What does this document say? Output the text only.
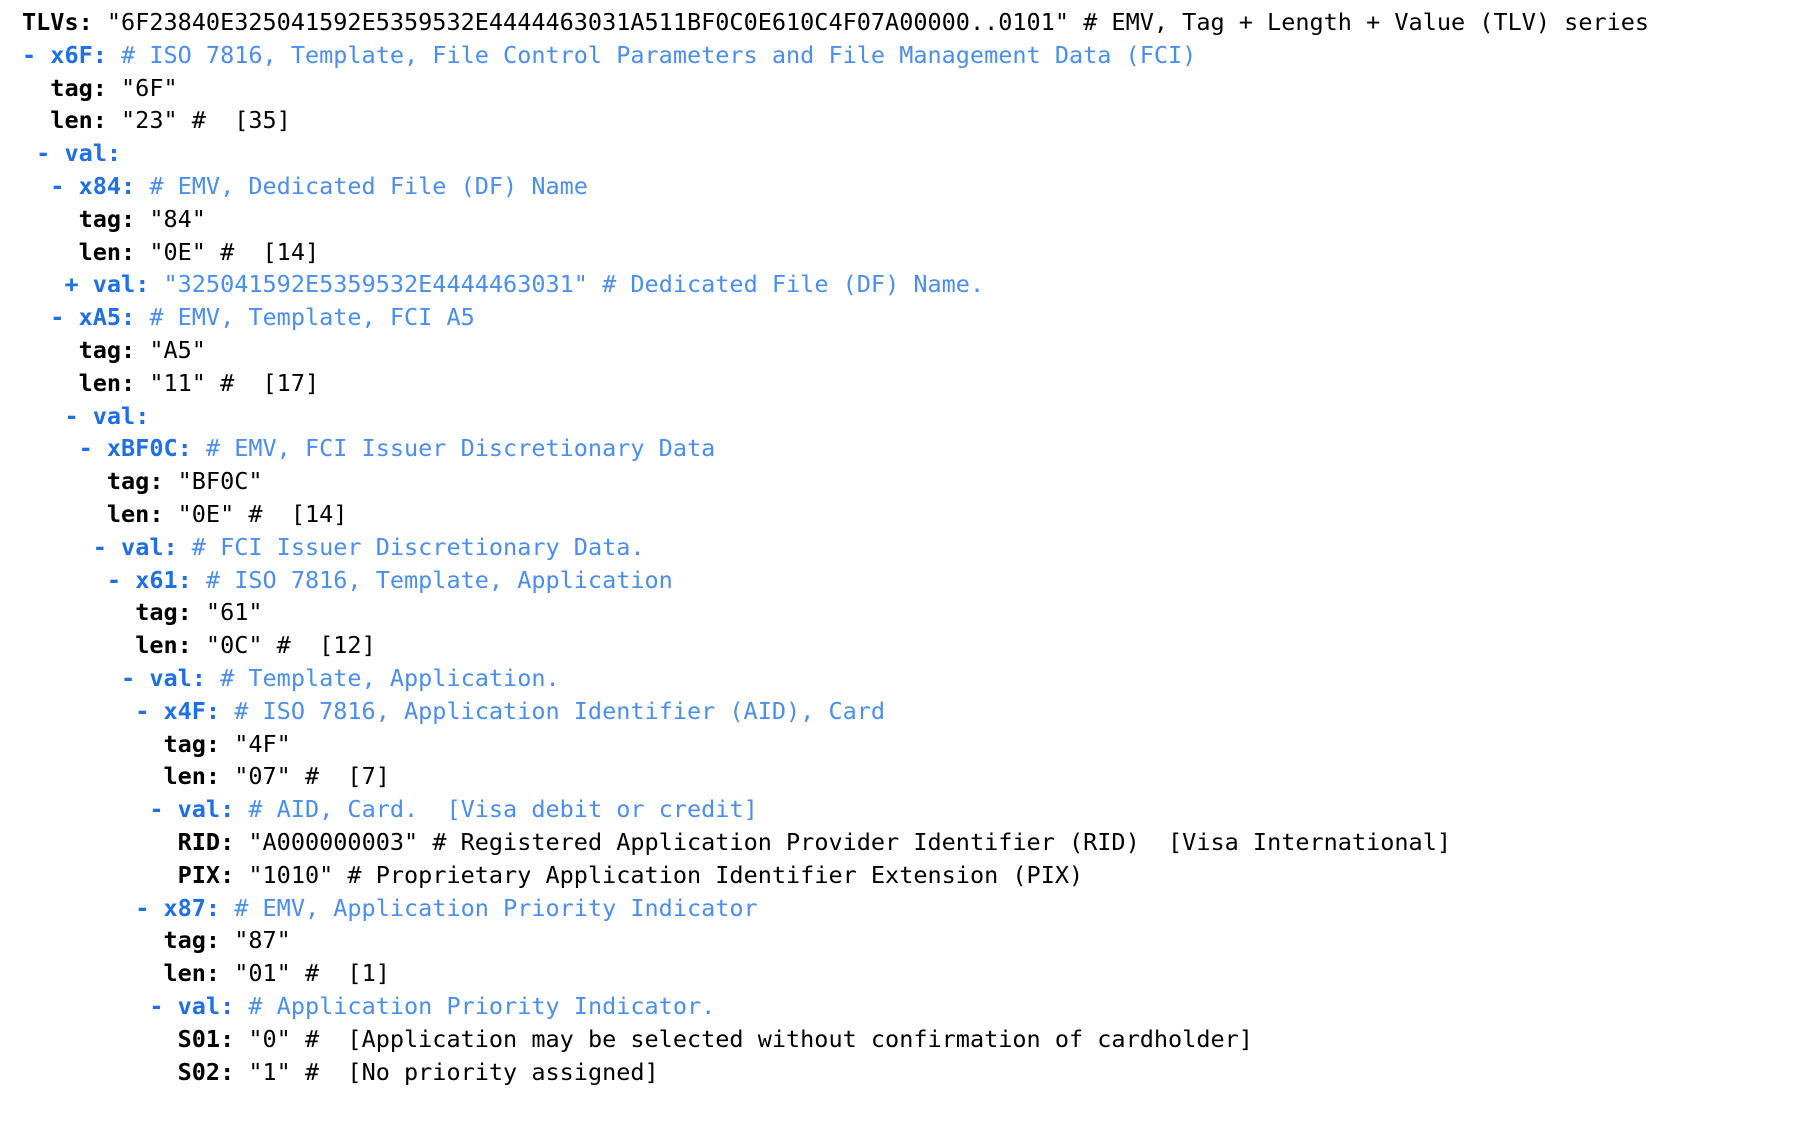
TLVs: "6F23840E325041592E5359532E4444463031A511BF0C0E610C4F07A00000..0101" # EMV, Tag + Length + Value (TLV) series
- x6F: # ISO 7816, Template, File Control Parameters and File Management Data (FCI)
tag: "6F"
len: "23" #  [35]
- val:
- x84: # EMV, Dedicated File (DF) Name
tag: "84"
len: "0E" #  [14]
+ val: "325041592E5359532E4444463031" # Dedicated File (DF) Name.
- xA5: # EMV, Template, FCI A5
tag: "A5"
len: "11" #  [17]
- val:
- xBF0C: # EMV, FCI Issuer Discretionary Data
tag: "BF0C"
len: "0E" #  [14]
- val: # FCI Issuer Discretionary Data.
- x61: # ISO 7816, Template, Application
tag: "61"
len: "0C" #  [12]
- val: # Template, Application.
- x4F: # ISO 7816, Application Identifier (AID), Card
tag: "4F"
len: "07" #  [7]
- val: # AID, Card.  [Visa debit or credit]
RID: "A000000003" # Registered Application Provider Identifier (RID)  [Visa International]
PIX: "1010" # Proprietary Application Identifier Extension (PIX)
- x87: # EMV, Application Priority Indicator
tag: "87"
len: "01" #  [1]
- val: # Application Priority Indicator.
S01: "0" #  [Application may be selected without confirmation of cardholder]
S02: "1" #  [No priority assigned]
